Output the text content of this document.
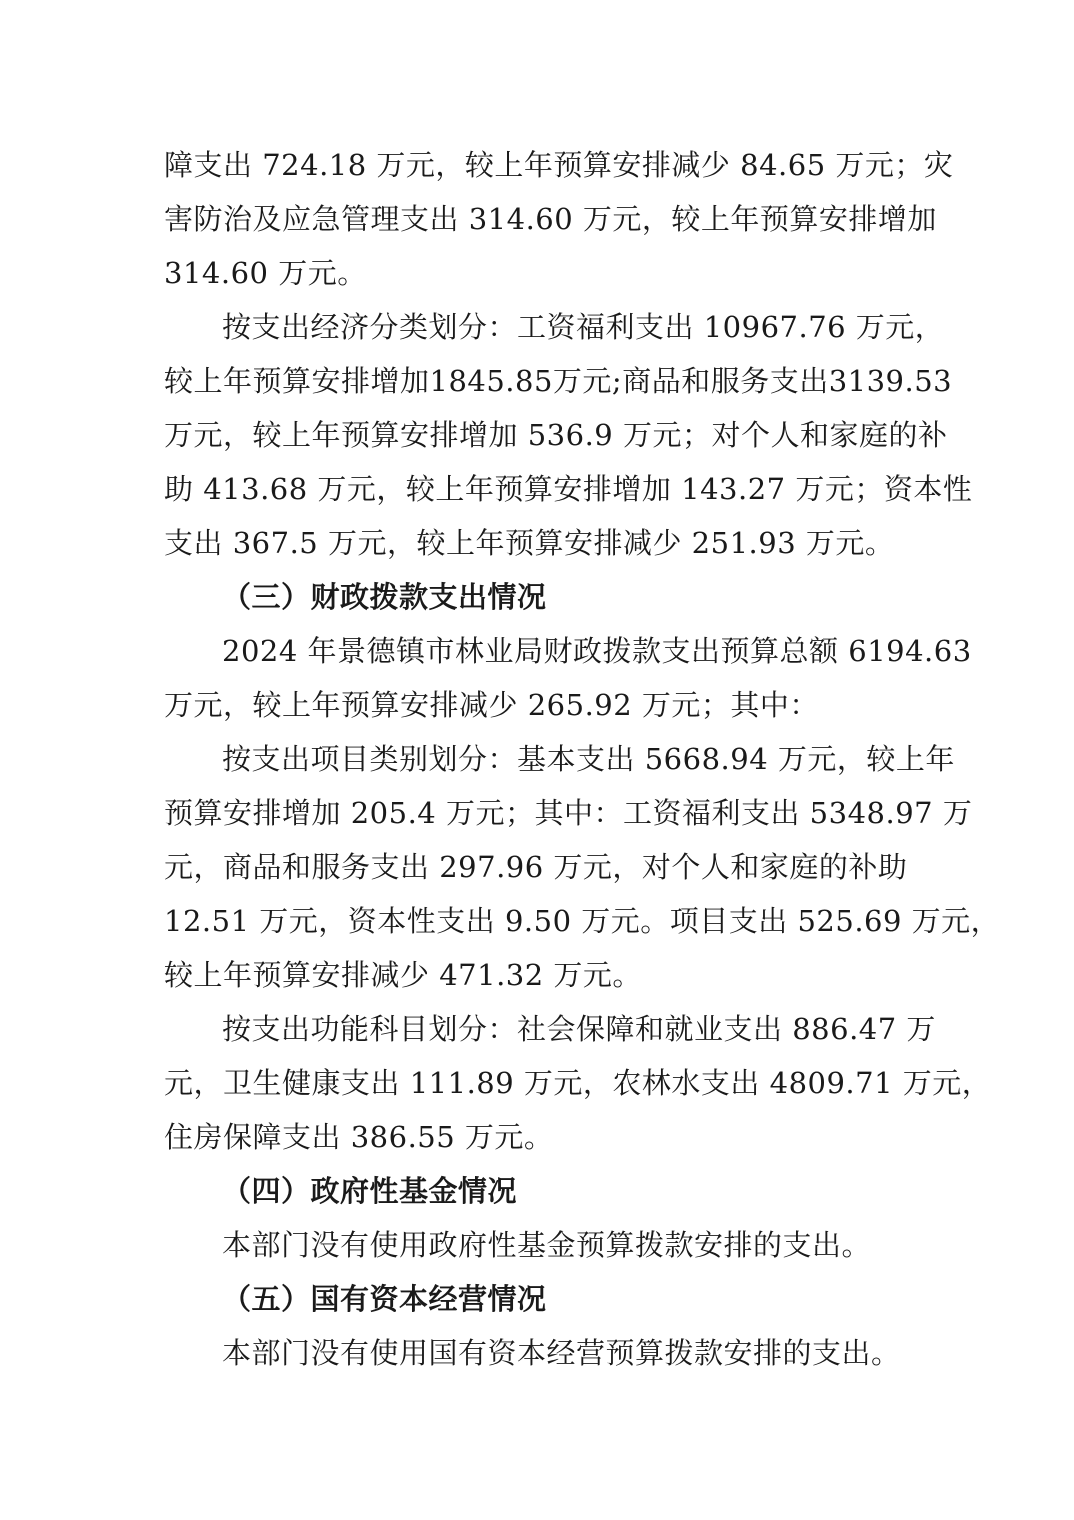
障支出 724.18 万元，较上年预算安排减少 84.65 万元；灾
害防治及应急管理支出 314.60 万元，较上年预算安排增加
314.60 万元。
按支出经济分类划分：工资福利支出 10967.76 万元，
较上年预算安排增加1845.85万元;商品和服务支出3139.53
万元，较上年预算安排增加 536.9 万元；对个人和家庭的补
助 413.68 万元，较上年预算安排增加 143.27 万元；资本性
支出 367.5 万元，较上年预算安排减少 251.93 万元。
（三）财政拨款支出情况
2024 年景德镇市林业局财政拨款支出预算总额 6194.63
万元，较上年预算安排减少 265.92 万元；其中：
按支出项目类别划分：基本支出 5668.94 万元，较上年
预算安排增加 205.4 万元；其中：工资福利支出 5348.97 万
元，商品和服务支出 297.96 万元，对个人和家庭的补助
12.51 万元，资本性支出 9.50 万元。项目支出 525.69 万元，
较上年预算安排减少 471.32 万元。
按支出功能科目划分：社会保障和就业支出 886.47 万
元，卫生健康支出 111.89 万元，农林水支出 4809.71 万元，
住房保障支出 386.55 万元。
（四）政府性基金情况
本部门没有使用政府性基金预算拨款安排的支出。
（五）国有资本经营情况
本部门没有使用国有资本经营预算拨款安排的支出。
